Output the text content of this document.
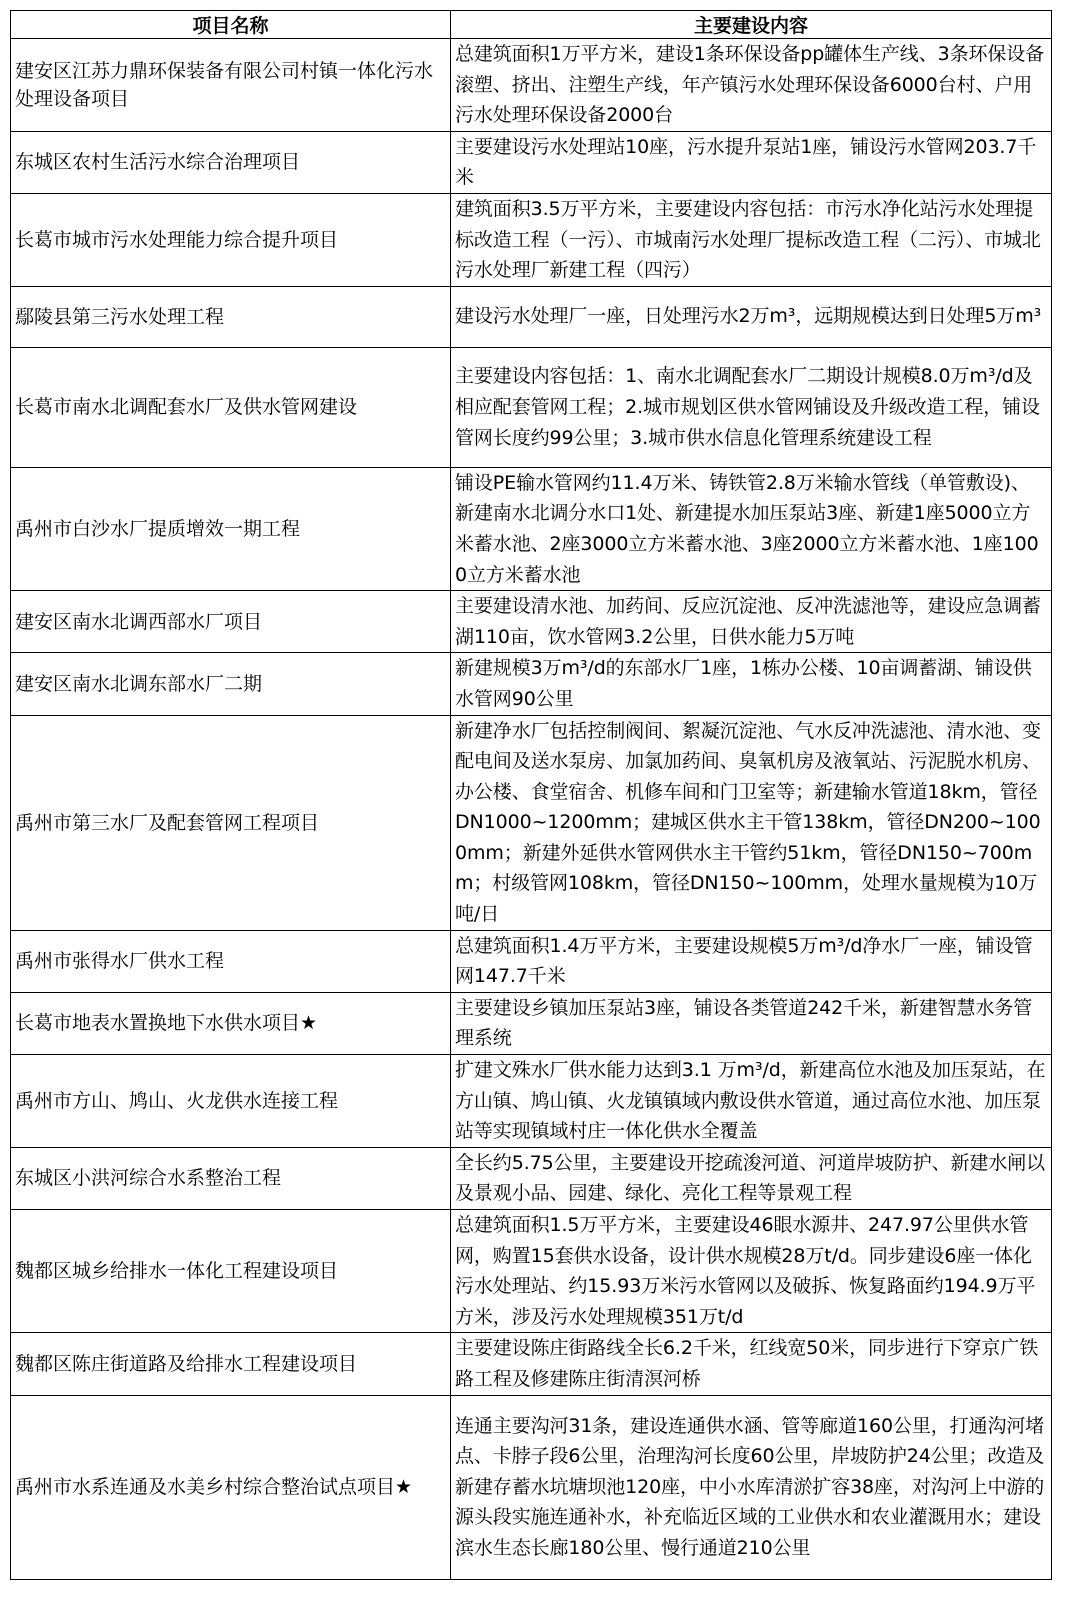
项目名称	主要建设内容
建安区江苏力鼎环保装备有限公司村镇一体化污水处理设备项目	总建筑面积1万平方米，建设1条环保设备pp罐体生产线、3条环保设备滚塑、挤出、注塑生产线，年产镇污水处理环保设备6000台村、户用污水处理环保设备2000台
东城区农村生活污水综合治理项目	主要建设污水处理站10座，污水提升泵站1座，铺设污水管网203.7千米
长葛市城市污水处理能力综合提升项目	建筑面积3.5万平方米，主要建设内容包括：市污水净化站污水处理提标改造工程（一污）、市城南污水处理厂提标改造工程（二污）、市城北污水处理厂新建工程（四污）
鄢陵县第三污水处理工程	建设污水处理厂一座，日处理污水2万m³，远期规模达到日处理5万m³
长葛市南水北调配套水厂及供水管网建设	主要建设内容包括：1、南水北调配套水厂二期设计规模8.0万m³/d及相应配套管网工程；2.城市规划区供水管网铺设及升级改造工程，铺设管网长度约99公里；3.城市供水信息化管理系统建设工程
禹州市白沙水厂提质增效一期工程	铺设PE输水管网约11.4万米、铸铁管2.8万米输水管线（单管敷设)、新建南水北调分水口1处、新建提水加压泵站3座、新建1座5000立方米蓄水池、2座3000立方米蓄水池、3座2000立方米蓄水池、1座1000立方米蓄水池
建安区南水北调西部水厂项目	主要建设清水池、加药间、反应沉淀池、反冲洗滤池等，建设应急调蓄湖110亩，饮水管网3.2公里，日供水能力5万吨
建安区南水北调东部水厂二期	新建规模3万m³/d的东部水厂1座，1栋办公楼、10亩调蓄湖、铺设供水管网90公里
禹州市第三水厂及配套管网工程项目	新建净水厂包括控制阀间、絮凝沉淀池、气水反冲洗滤池、清水池、变配电间及送水泵房、加氯加药间、臭氧机房及液氧站、污泥脱水机房、办公楼、食堂宿舍、机修车间和门卫室等；新建输水管道18km，管径DN1000~1200mm；建城区供水主干管138km，管径DN200~1000mm；新建外延供水管网供水主干管约51km，管径DN150~700mm；村级管网108km，管径DN150~100mm，处理水量规模为10万吨/日
禹州市张得水厂供水工程	总建筑面积1.4万平方米，主要建设规模5万m³/d净水厂一座，铺设管网147.7千米
长葛市地表水置换地下水供水项目★	主要建设乡镇加压泵站3座，铺设各类管道242千米，新建智慧水务管理系统
禹州市方山、鸠山、火龙供水连接工程	扩建文殊水厂供水能力达到3.1 万m³/d，新建高位水池及加压泵站，在方山镇、鸠山镇、火龙镇镇域内敷设供水管道，通过高位水池、加压泵站等实现镇域村庄一体化供水全覆盖
东城区小洪河综合水系整治工程	全长约5.75公里，主要建设开挖疏浚河道、河道岸坡防护、新建水闸以及景观小品、园建、绿化、亮化工程等景观工程
魏都区城乡给排水一体化工程建设项目	总建筑面积1.5万平方米，主要建设46眼水源井、247.97公里供水管网，购置15套供水设备，设计供水规模28万t/d。同步建设6座一体化污水处理站、约15.93万米污水管网以及破拆、恢复路面约194.9万平方米，涉及污水处理规模351万t/d
魏都区陈庄街道路及给排水工程建设项目	主要建设陈庄街路线全长6.2千米，红线宽50米，同步进行下穿京广铁路工程及修建陈庄街清溟河桥
禹州市水系连通及水美乡村综合整治试点项目★	连通主要沟河31条，建设连通供水涵、管等廊道160公里，打通沟河堵点、卡脖子段6公里，治理沟河长度60公里，岸坡防护24公里；改造及新建存蓄水坑塘坝池120座，中小水库清淤扩容38座，对沟河上中游的源头段实施连通补水，补充临近区域的工业供水和农业灌溉用水；建设滨水生态长廊180公里、慢行通道210公里
